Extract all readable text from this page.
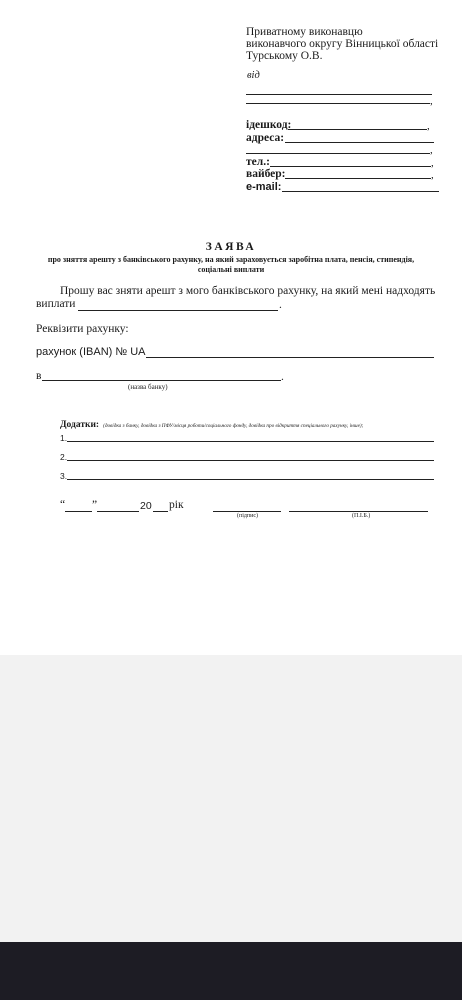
Приватному виконавцю
виконавчого округу Вінницької області
Турському О.В.
від
,
ідешкод:	,
адреса:
,
тел.:	,
вайбер:	,
e-mail:
ЗАЯВА
про зняття арешту з банківського рахунку, на який зараховується заробітна плата, пенсія, стипендія, соціальні виплати
Прошу вас зняти арешт з мого банківського рахунку, на який мені надходять
виплати	.
Реквізити рахунку:
рахунок (IBAN) № UA
в	.
(назва банку)
Додатки: (довідка з банку, довідка з ПФУ/місця роботи/соціального фонду, довідка про відкриття спеціального рахунку, інше);
1.
2.
3.
“ ”	20 рік
(підпис)	(П.І.Б.)
